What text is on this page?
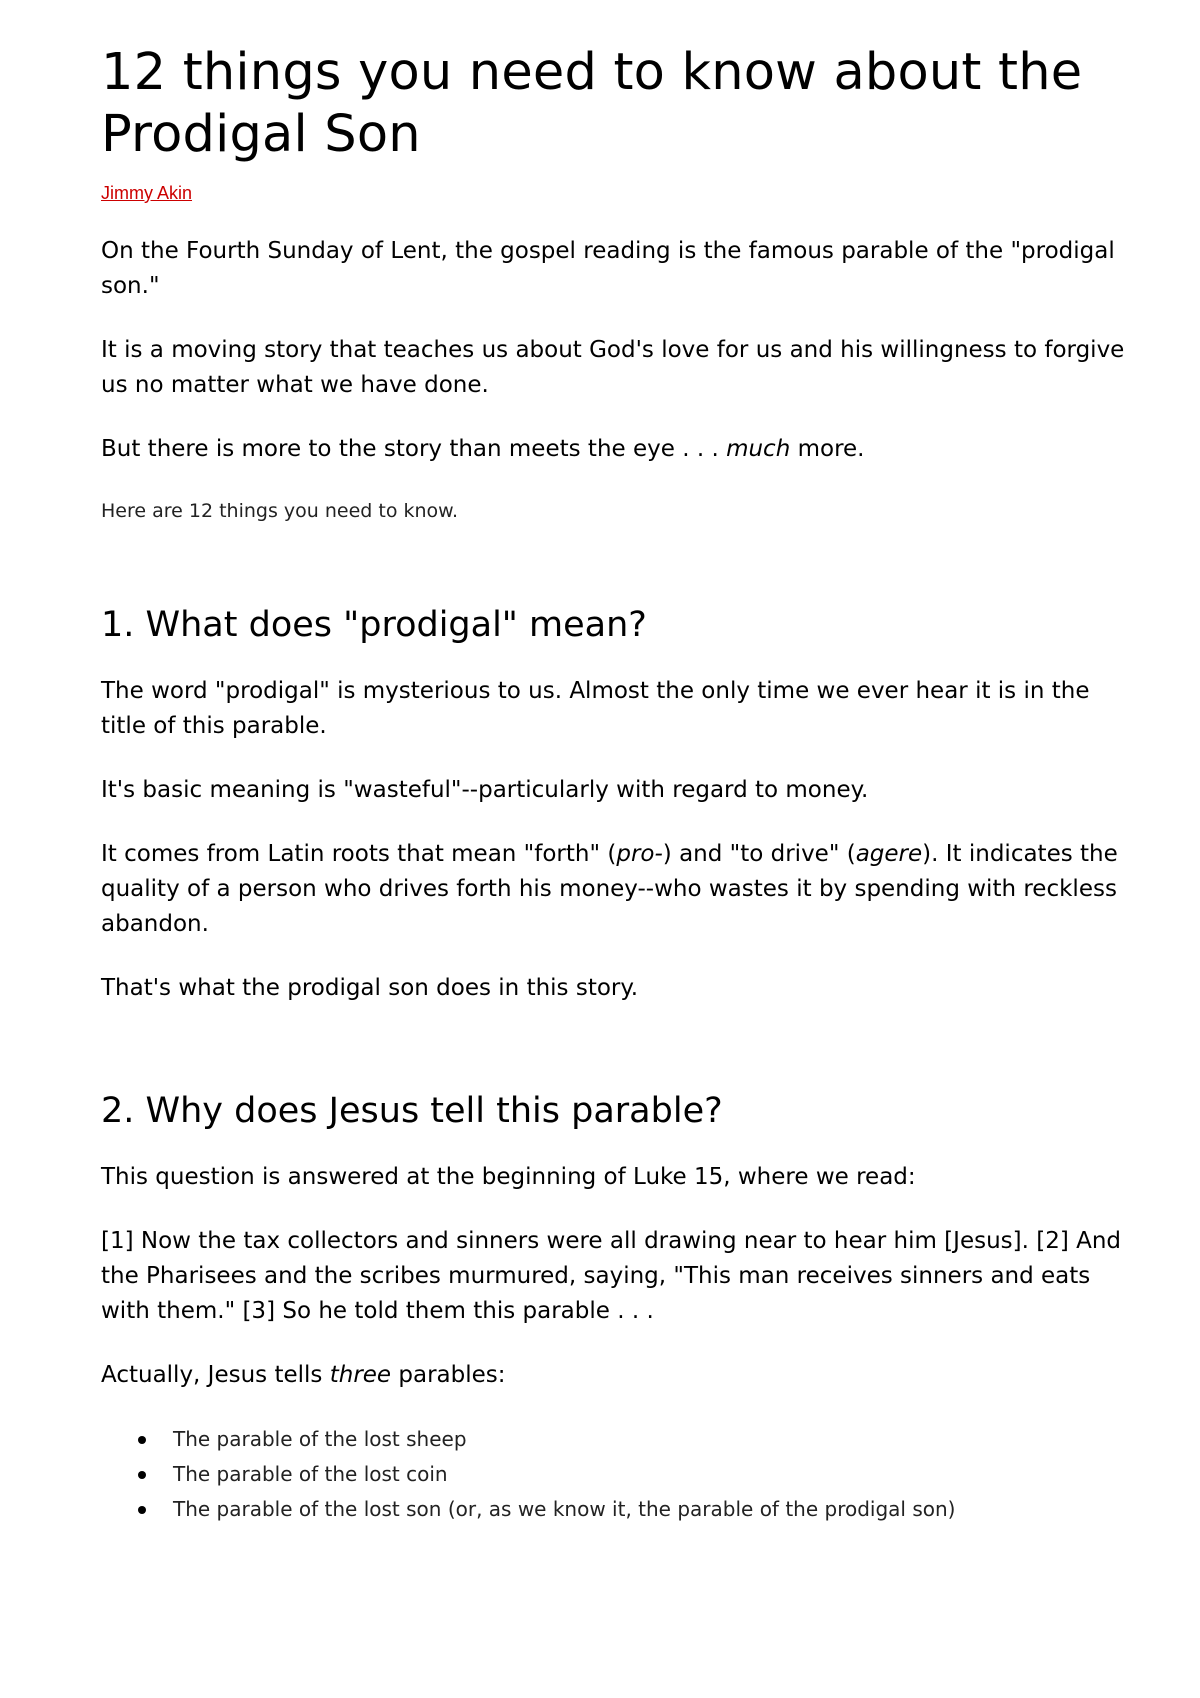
12 things you need to know about the Prodigal Son
Jimmy Akin

On the Fourth Sunday of Lent, the gospel reading is the famous parable of the "prodigal son."

It is a moving story that teaches us about God's love for us and his willingness to forgive us no matter what we have done.

But there is more to the story than meets the eye . . . much more.

Here are 12 things you need to know.

1. What does "prodigal" mean?

The word "prodigal" is mysterious to us. Almost the only time we ever hear it is in the title of this parable.

It's basic meaning is "wasteful"--particularly with regard to money.

It comes from Latin roots that mean "forth" (pro-) and "to drive" (agere). It indicates the quality of a person who drives forth his money--who wastes it by spending with reckless abandon.

That's what the prodigal son does in this story.

2. Why does Jesus tell this parable?

This question is answered at the beginning of Luke 15, where we read:

[1] Now the tax collectors and sinners were all drawing near to hear him [Jesus]. [2] And the Pharisees and the scribes murmured, saying, "This man receives sinners and eats with them." [3] So he told them this parable . . .

Actually, Jesus tells three parables:

The parable of the lost sheep
The parable of the lost coin
The parable of the lost son (or, as we know it, the parable of the prodigal son)
